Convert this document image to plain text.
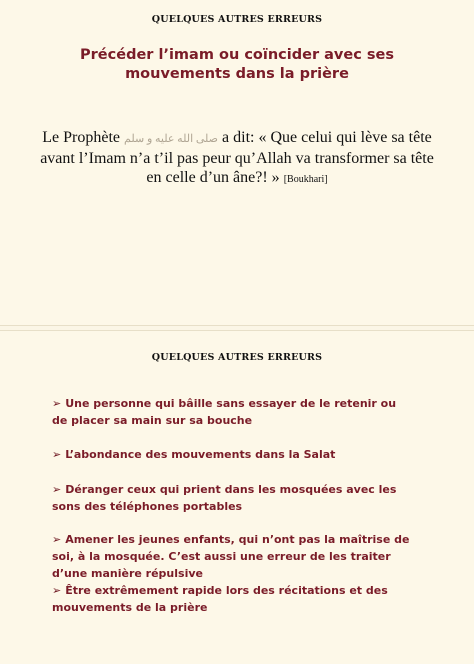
QUELQUES AUTRES ERREURS
Précéder l’imam ou coïncider avec ses mouvements dans la prière
Le Prophète صلى الله عليه و سلم a dit: « Que celui qui lève sa tête avant l’Imam n’a t’il pas peur qu’Allah va transformer sa tête en celle d’un âne?! » [Boukhari]
QUELQUES AUTRES ERREURS
➢ Une personne qui bâille sans essayer de le retenir ou de placer sa main sur sa bouche
➢ L’abondance des mouvements dans la Salat
➢ Déranger ceux qui prient dans les mosquées avec les sons des téléphones portables
➢ Amener les jeunes enfants, qui n’ont pas la maîtrise de soi, à la mosquée. C’est aussi une erreur de les traiter d’une manière répulsive
➢ Être extrêmement rapide lors des récitations et des mouvements de la prière
